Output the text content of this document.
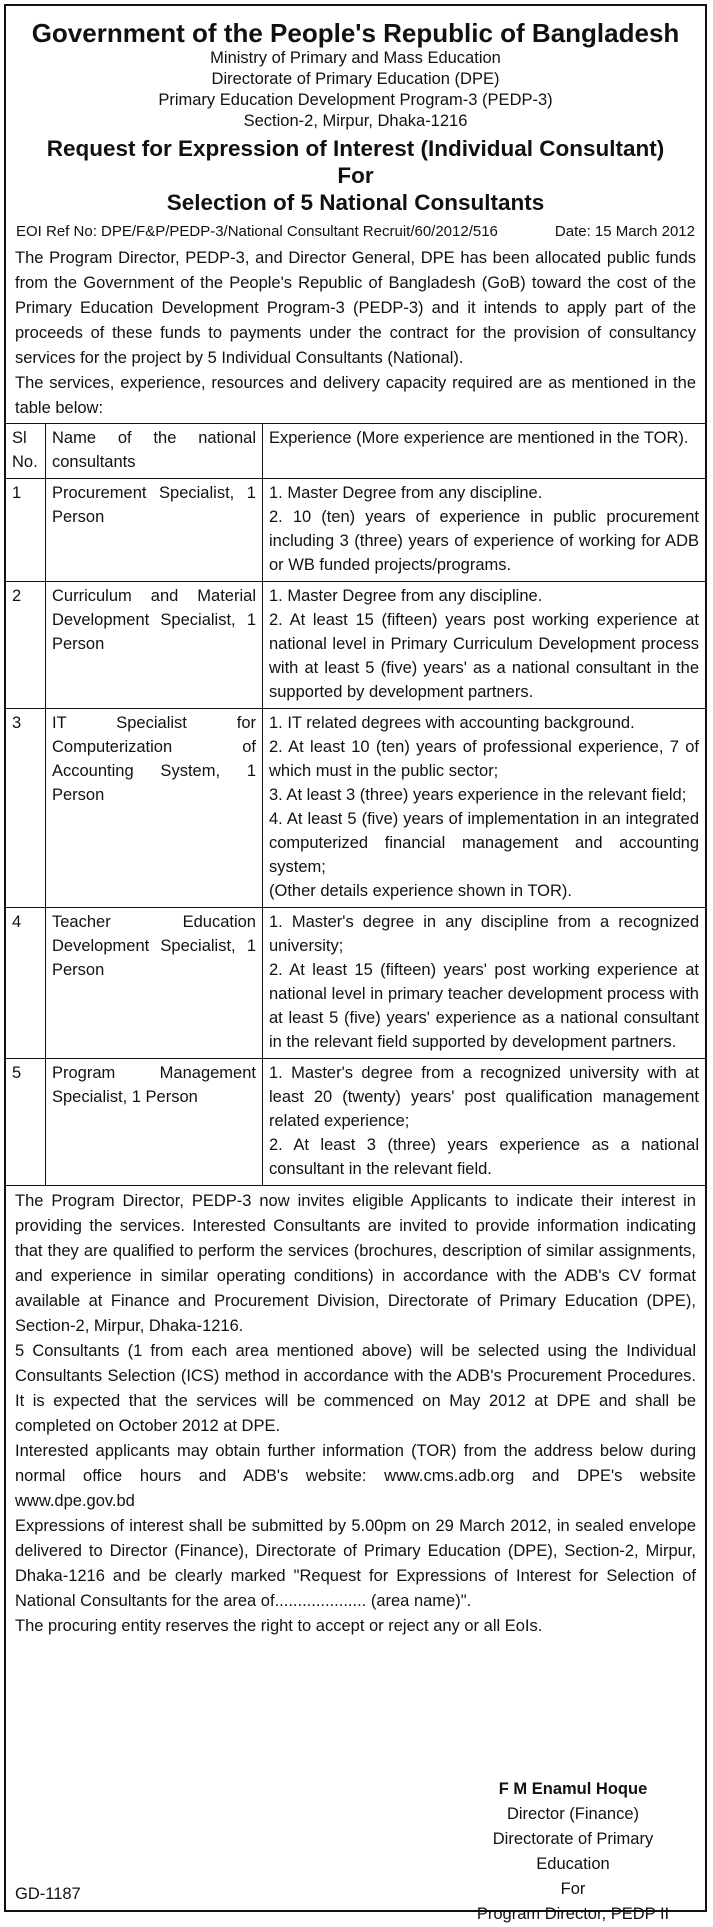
Government of the People's Republic of Bangladesh
Ministry of Primary and Mass Education
Directorate of Primary Education (DPE)
Primary Education Development Program-3 (PEDP-3)
Section-2, Mirpur, Dhaka-1216
Request for Expression of Interest (Individual Consultant)
For
Selection of 5 National Consultants
EOI Ref No: DPE/F&P/PEDP-3/National Consultant Recruit/60/2012/516	Date: 15 March 2012

The Program Director, PEDP-3, and Director General, DPE has been allocated public funds from the Government of the People's Republic of Bangladesh (GoB) toward the cost of the Primary Education Development Program-3 (PEDP-3) and it intends to apply part of the proceeds of these funds to payments under the contract for the provision of consultancy services for the project by 5 Individual Consultants (National).

The services, experience, resources and delivery capacity required are as mentioned in the table below:

Sl No.	Name of the national consultants	Experience (More experience are mentioned in the TOR).
1	Procurement Specialist, 1 Person	1. Master Degree from any discipline.
2. 10 (ten) years of experience in public procurement including 3 (three) years of experience of working for ADB or WB funded projects/programs.

2	Curriculum and Material Development Specialist, 1 Person	1. Master Degree from any discipline.
2. At least 15 (fifteen) years post working experience at national level in Primary Curriculum Development process with at least 5 (five) years' as a national consultant in the supported by development partners.

3	IT Specialist for Computerization of Accounting System, 1 Person	1. IT related degrees with accounting background.
2. At least 10 (ten) years of professional experience, 7 of which must in the public sector;
3. At least 3 (three) years experience in the relevant field;
4. At least 5 (five) years of implementation in an integrated computerized financial management and accounting system;
(Other details experience shown in TOR).

4	Teacher Education Development Specialist, 1 Person	1. Master's degree in any discipline from a recognized university;
2. At least 15 (fifteen) years' post working experience at national level in primary teacher development process with at least 5 (five) years' experience as a national consultant in the relevant field supported by development partners.

5	Program Management Specialist, 1 Person	1. Master's degree from a recognized university with at least 20 (twenty) years' post qualification management related experience;
2. At least 3 (three) years experience as a national consultant in the relevant field.

The Program Director, PEDP-3 now invites eligible Applicants to indicate their interest in providing the services. Interested Consultants are invited to provide information indicating that they are qualified to perform the services (brochures, description of similar assignments, and experience in similar operating conditions) in accordance with the ADB's CV format available at Finance and Procurement Division, Directorate of Primary Education (DPE), Section-2, Mirpur, Dhaka-1216.

5 Consultants (1 from each area mentioned above) will be selected using the Individual Consultants Selection (ICS) method in accordance with the ADB's Procurement Procedures. It is expected that the services will be commenced on May 2012 at DPE and shall be completed on October 2012 at DPE.

Interested applicants may obtain further information (TOR) from the address below during normal office hours and ADB's website: www.cms.adb.org and DPE's website www.dpe.gov.bd

Expressions of interest shall be submitted by 5.00pm on 29 March 2012, in sealed envelope delivered to Director (Finance), Directorate of Primary Education (DPE), Section-2, Mirpur, Dhaka-1216 and be clearly marked "Request for Expressions of Interest for Selection of National Consultants for the area of.................... (area name)".

The procuring entity reserves the right to accept or reject any or all EoIs.

F M Enamul Hoque
Director (Finance)
Directorate of Primary Education
For
Program Director, PEDP II
GD-1187
